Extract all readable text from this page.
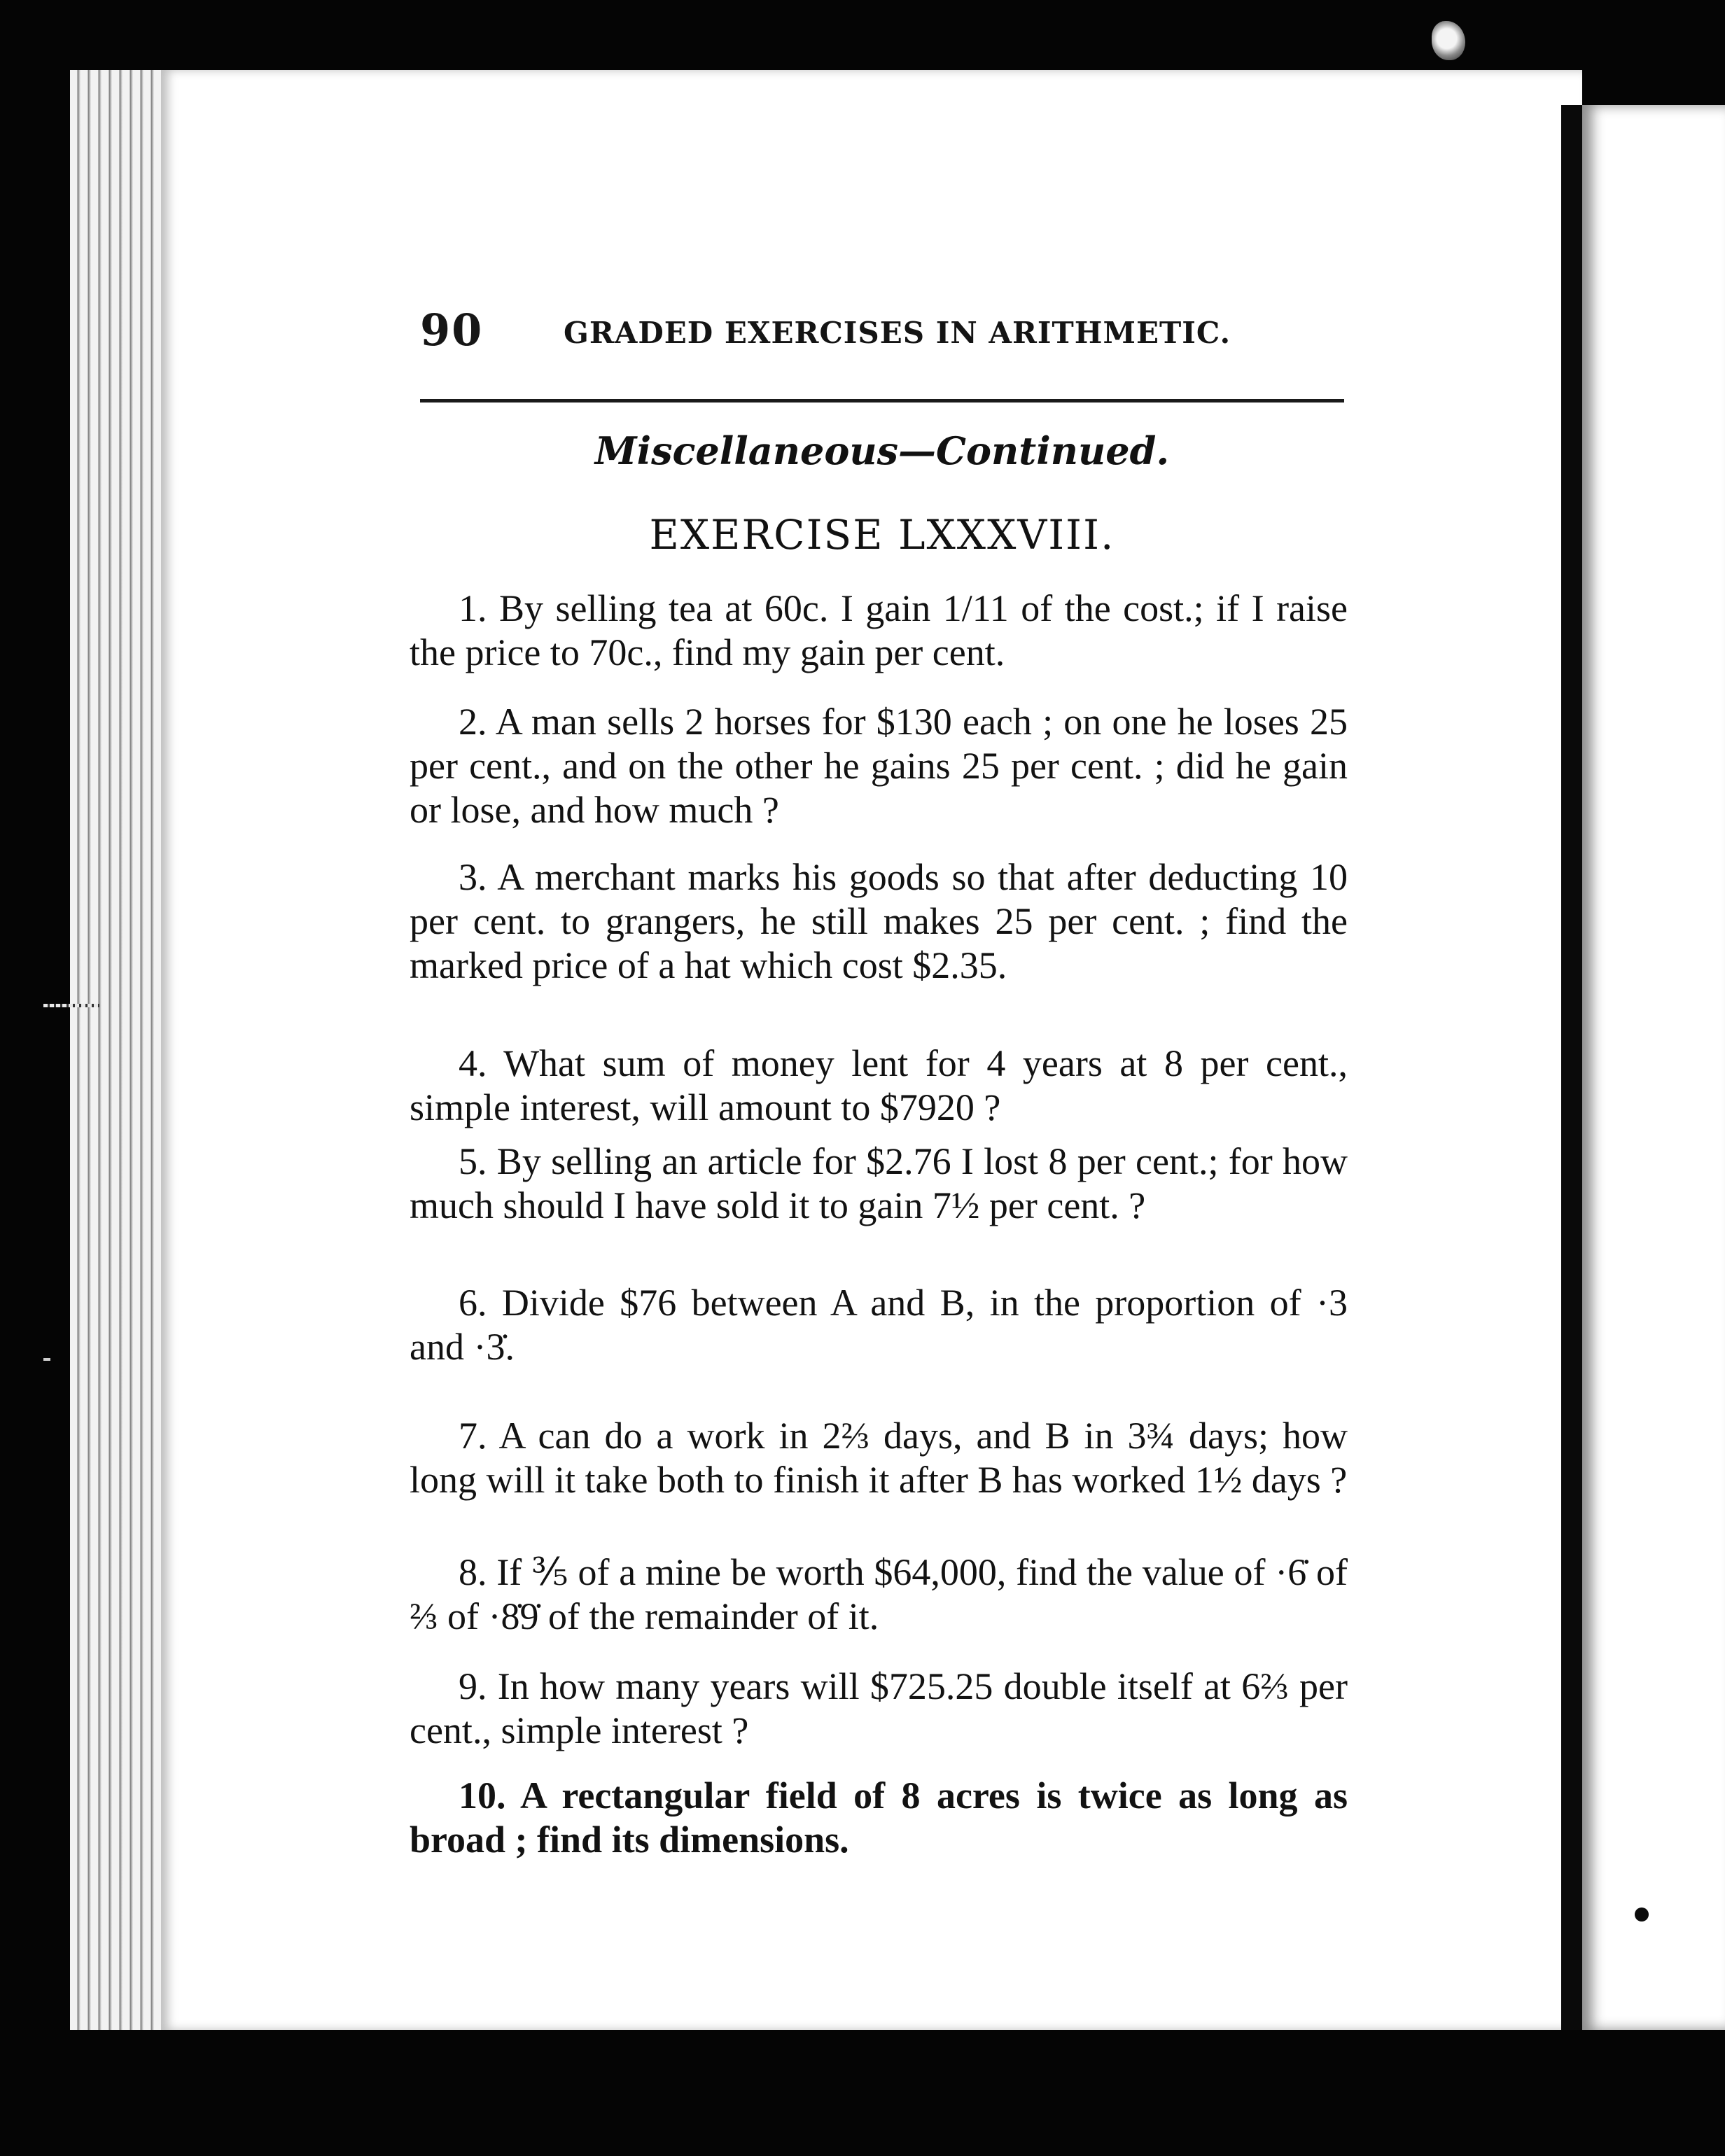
90	GRADED EXERCISES IN ARITHMETIC.
Miscellaneous—Continued.
EXERCISE LXXXVIII.

1. By selling tea at 60c. I gain 1/11 of the cost.; if I raise the price to 70c., find my gain per cent.

2. A man sells 2 horses for $130 each ; on one he loses 25 per cent., and on the other he gains 25 per cent. ; did he gain or lose, and how much ?

3. A merchant marks his goods so that after deducting 10 per cent. to grangers, he still makes 25 per cent. ; find the marked price of a hat which cost $2.35.

4. What sum of money lent for 4 years at 8 per cent., simple interest, will amount to $7920 ?

5. By selling an article for $2.76 I lost 8 per cent.; for how much should I have sold it to gain 7½ per cent. ?

6. Divide $76 between A and B, in the proportion of ·3 and ·3̇.

7. A can do a work in 2⅔ days, and B in 3¾ days; how long will it take both to finish it after B has worked 1½ days ?

8. If ⅗ of a mine be worth $64,000, find the value of ·6̇ of ⅔ of ·8̇9̇ of the remainder of it.

9. In how many years will $725.25 double itself at 6⅔ per cent., simple interest ?

10. A rectangular field of 8 acres is twice as long as broad ; find its dimensions.
